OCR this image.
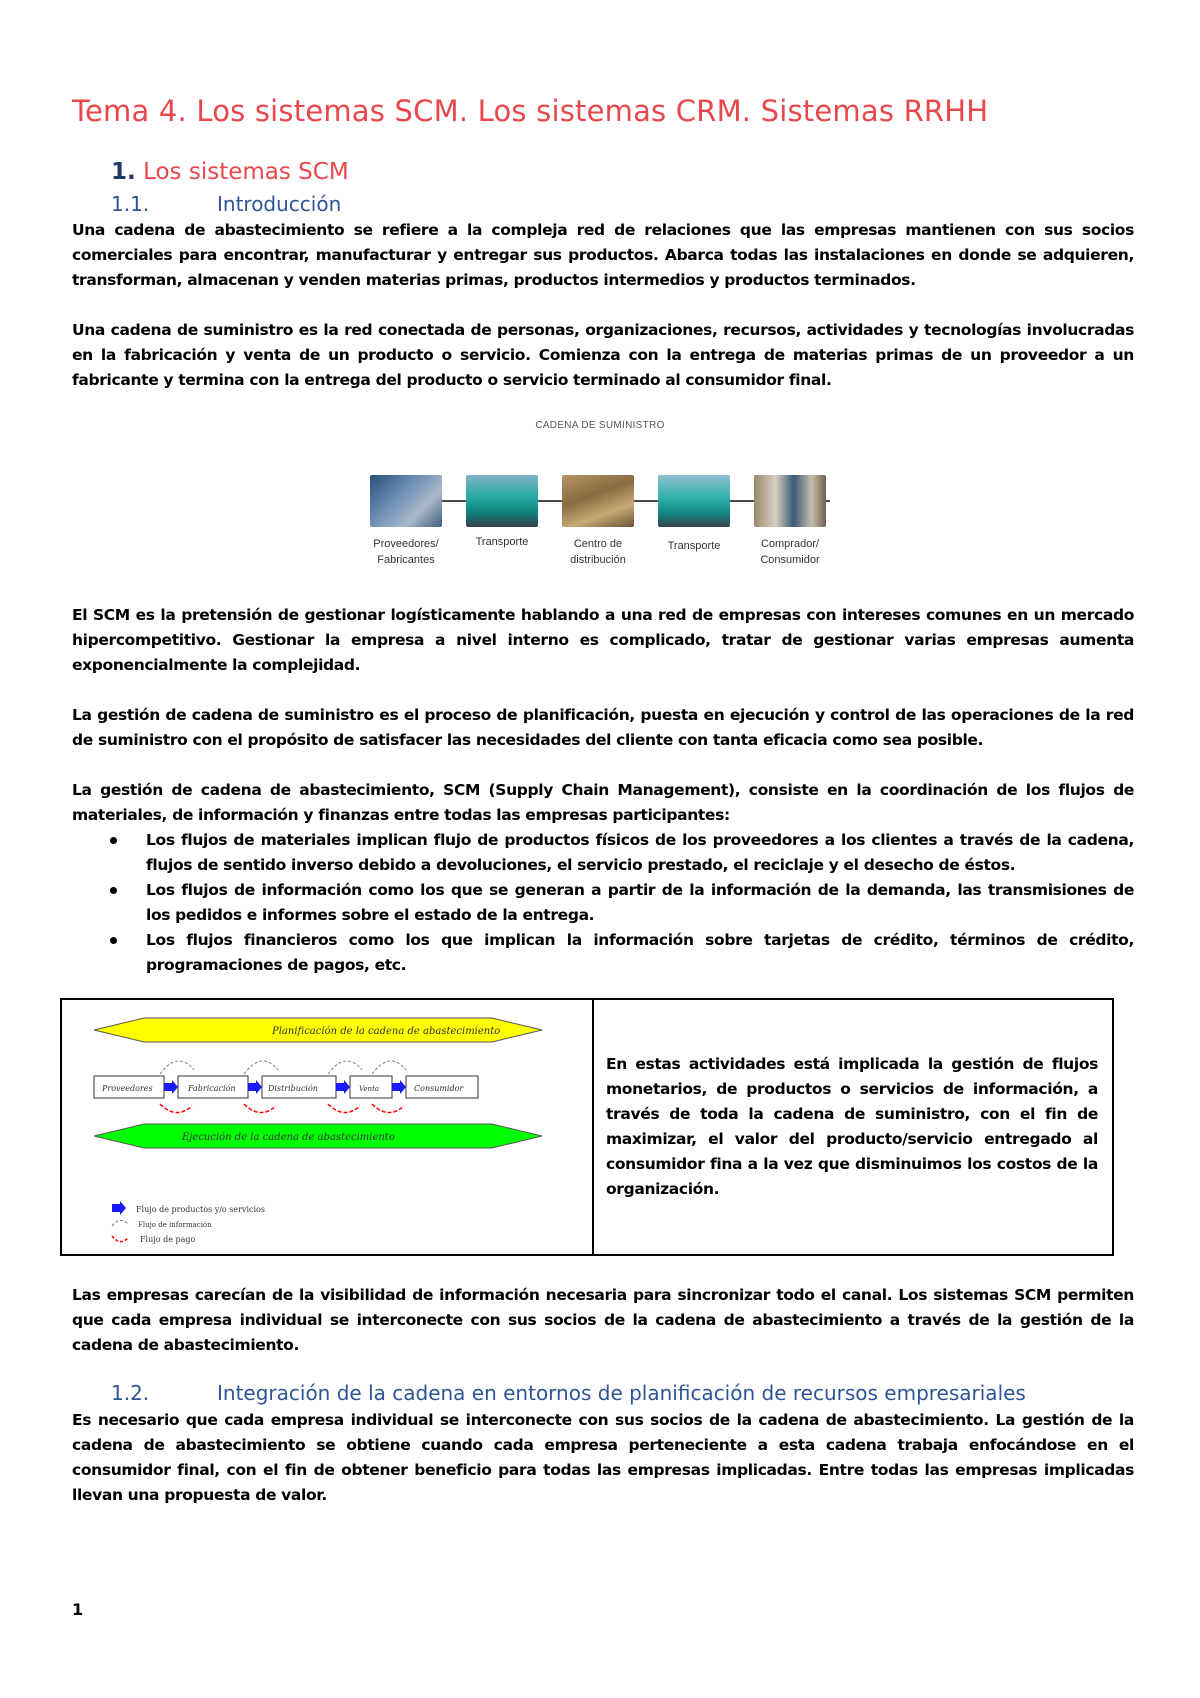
Tema 4. Los sistemas SCM. Los sistemas CRM. Sistemas RRHH
1. Los sistemas SCM
1.1.	Introducción

Una cadena de abastecimiento se refiere a la compleja red de relaciones que las empresas mantienen con sus socios comerciales para encontrar, manufacturar y entregar sus productos. Abarca todas las instalaciones en donde se adquieren, transforman, almacenan y venden materias primas, productos intermedios y productos terminados.

Una cadena de suministro es la red conectada de personas, organizaciones, recursos, actividades y tecnologías involucradas en la fabricación y venta de un producto o servicio. Comienza con la entrega de materias primas de un proveedor a un fabricante y termina con la entrega del producto o servicio terminado al consumidor final.

CADENA DE SUMINISTRO
Proveedores/
Fabricantes
Transporte	Centro de
distribución
Transporte	Comprador/
Consumidor

El SCM es la pretensión de gestionar logísticamente hablando a una red de empresas con intereses comunes en un mercado hipercompetitivo. Gestionar la empresa a nivel interno es complicado, tratar de gestionar varias empresas aumenta exponencialmente la complejidad.

La gestión de cadena de suministro es el proceso de planificación, puesta en ejecución y control de las operaciones de la red de suministro con el propósito de satisfacer las necesidades del cliente con tanta eficacia como sea posible.

La gestión de cadena de abastecimiento, SCM (Supply Chain Management), consiste en la coordinación de los flujos de materiales, de información y finanzas entre todas las empresas participantes:

Los flujos de materiales implican flujo de productos físicos de los proveedores a los clientes a través de la cadena, flujos de sentido inverso debido a devoluciones, el servicio prestado, el reciclaje y el desecho de éstos.
Los flujos de información como los que se generan a partir de la información de la demanda, las transmisiones de los pedidos e informes sobre el estado de la entrega.
Los flujos financieros como los que implican la información sobre tarjetas de crédito, términos de crédito, programaciones de pagos, etc.
Planificación de la cadena de abastecimiento
Proveedores	Fabricación	Distribución	Venta	Consumidor
Ejecución de la cadena de abastecimiento
Flujo de productos y/o servicios
Flujo de información
Flujo de pago

En estas actividades está implicada la gestión de flujos monetarios, de productos o servicios de información, a través de toda la cadena de suministro, con el fin de maximizar, el valor del producto/servicio entregado al consumidor fina a la vez que disminuimos los costos de la organización.

Las empresas carecían de la visibilidad de información necesaria para sincronizar todo el canal. Los sistemas SCM permiten que cada empresa individual se interconecte con sus socios de la cadena de abastecimiento a través de la gestión de la cadena de abastecimiento.

1.2.	Integración de la cadena en entornos de planificación de recursos empresariales

Es necesario que cada empresa individual se interconecte con sus socios de la cadena de abastecimiento. La gestión de la cadena de abastecimiento se obtiene cuando cada empresa perteneciente a esta cadena trabaja enfocándose en el consumidor final, con el fin de obtener beneficio para todas las empresas implicadas. Entre todas las empresas implicadas llevan una propuesta de valor.

1
